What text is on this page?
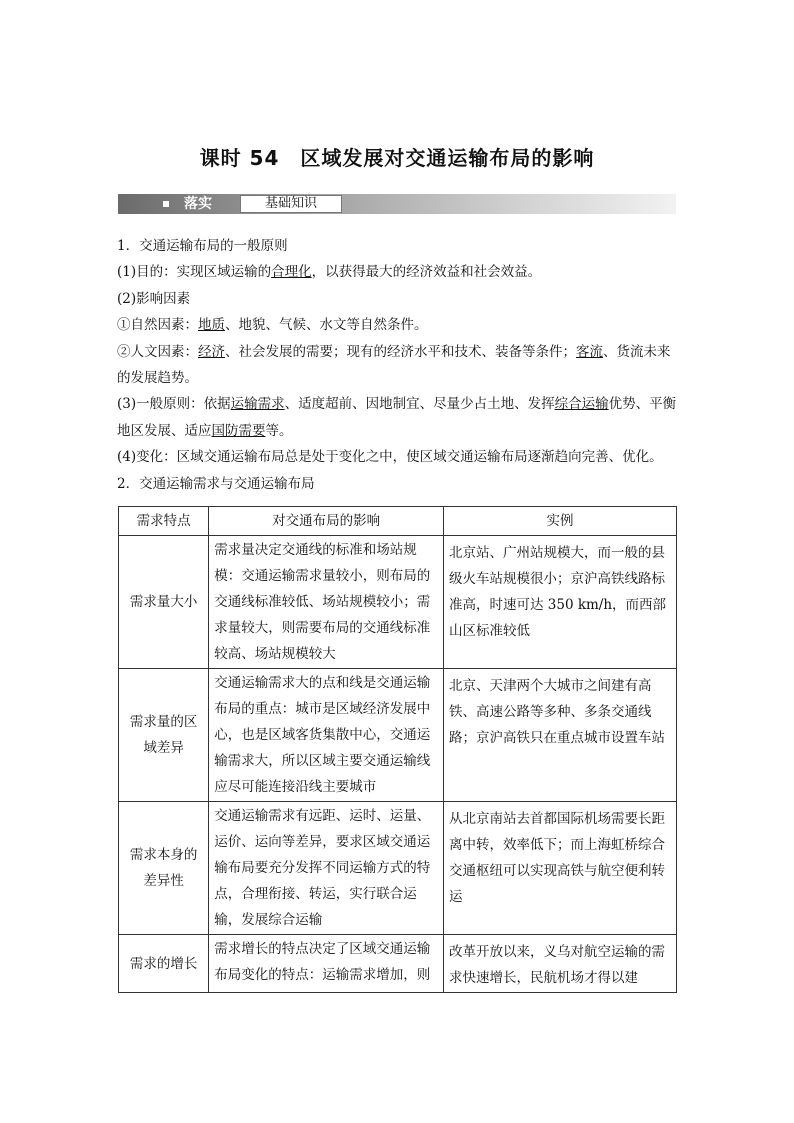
课时 54　区域发展对交通运输布局的影响
落实	基础知识

1．交通运输布局的一般原则

(1)目的：实现区域运输的合理化，以获得最大的经济效益和社会效益。

(2)影响因素

①自然因素：地质、地貌、气候、水文等自然条件。

②人文因素：经济、社会发展的需要；现有的经济水平和技术、装备等条件；客流、货流未来的发展趋势。

(3)一般原则：依据运输需求、适度超前、因地制宜、尽量少占土地、发挥综合运输优势、平衡地区发展、适应国防需要等。

(4)变化：区域交通运输布局总是处于变化之中，使区域交通运输布局逐渐趋向完善、优化。

2．交通运输需求与交通运输布局

需求特点	对交通布局的影响	实例
需求量大小	需求量决定交通线的标准和场站规模：交通运输需求量较小，则布局的交通线标准较低、场站规模较小；需求量较大，则需要布局的交通线标准较高、场站规模较大	北京站、广州站规模大，而一般的县级火车站规模很小；京沪高铁线路标准高，时速可达 350 km/h，而西部山区标准较低
需求量的区域差异	交通运输需求大的点和线是交通运输布局的重点：城市是区域经济发展中心，也是区域客货集散中心，交通运输需求大，所以区域主要交通运输线应尽可能连接沿线主要城市	北京、天津两个大城市之间建有高铁、高速公路等多种、多条交通线路；京沪高铁只在重点城市设置车站
需求本身的差异性	交通运输需求有远距、运时、运量、运价、运向等差异，要求区域交通运输布局要充分发挥不同运输方式的特点，合理衔接、转运，实行联合运输，发展综合运输	从北京南站去首都国际机场需要长距离中转，效率低下；而上海虹桥综合交通枢纽可以实现高铁与航空便利转运
需求的增长	需求增长的特点决定了区域交通运输布局变化的特点：运输需求增加，则	改革开放以来，义乌对航空运输的需求快速增长，民航机场才得以建
